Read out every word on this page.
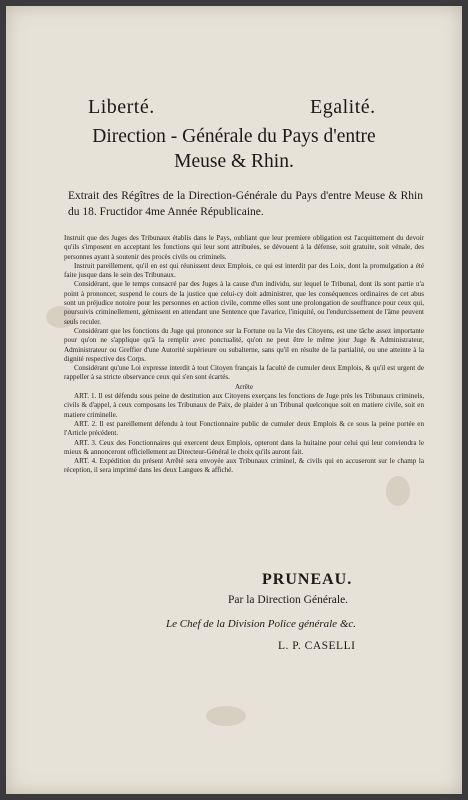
Liberté.	Egalité.
Direction - Générale du Pays d'entre
Meuse & Rhin.
Extrait des Régîtres de la Direction-Générale du Pays d'entre Meuse & Rhin du 18. Fructidor 4me Année Républicaine.

Instruit que des Juges des Tribunaux établis dans le Pays, oubliant que leur premiere obligation est l'acquittement du devoir qu'ils s'imposent en acceptant les fonctions qui leur sont attribuées, se dévouent à la défense, soit gratuite, soit vénale, des personnes ayant à soutenir des procès civils ou criminels.

Instruit pareillement, qu'il en est qui réunissent deux Emplois, ce qui est interdit par des Loix, dont la promulgation a été faite jusque dans le sein des Tribunaux.

Considérant, que le temps consacré par des Juges à la cause d'un individu, sur lequel le Tribunal, dont ils sont partie n'a point à prononcer, suspend le cours de la justice que celui-cy doit administrer, que les conséquences ordinaires de cet abus sont un préjudice notoire pour les personnes en action civile, comme elles sont une prolongation de souffrance pour ceux qui, poursuivis criminellement, gémissent en attendant une Sentence que l'avarice, l'iniquité, ou l'endurcissement de l'âme peuvent seuls reculer.

Considérant que les fonctions du Juge qui prononce sur la Fortune ou la Vie des Citoyens, est une tâche assez importante pour qu'on ne s'applique qu'à la remplir avec ponctualité, qu'on ne peut être le même jour Juge & Administrateur, Administrateur ou Greffier d'une Autorité supérieure ou subalterne, sans qu'il en résulte de la partialité, ou une atteinte à la dignité respective des Corps.

Considérant qu'une Loi expresse interdit à tout Citoyen français la faculté de cumuler deux Emplois, & qu'il est urgent de rappeller à sa stricte observance ceux qui s'en sont écartés.

Arrête

ART. 1. Il est défendu sous peine de destitution aux Citoyens exerçans les fonctions de Juge près les Tribunaux criminels, civils & d'appel, à ceux composans les Tribunaux de Paix, de plaider à un Tribunal quelconque soit en matiere civile, soit en matiere criminelle.

ART. 2. Il est pareillement défendu à tout Fonctionnaire public de cumuler deux Emplois & ce sous la peine portée en l'Article précédent.

ART. 3. Ceux des Fonctionnaires qui exercent deux Emplois, opteront dans la huitaine pour celui qui leur conviendra le mieux & annonceront officiellement au Directeur-Général le choix qu'ils auront fait.

ART. 4. Expédition du présent Arrêté sera envoyée aux Tribunaux criminel, & civils qui en accuseront sur le champ la réception, il sera imprimé dans les deux Langues & affiché.

PRUNEAU.
Par la Direction Générale.
Le Chef de la Division Police générale &c.
L. P. CASELLI
